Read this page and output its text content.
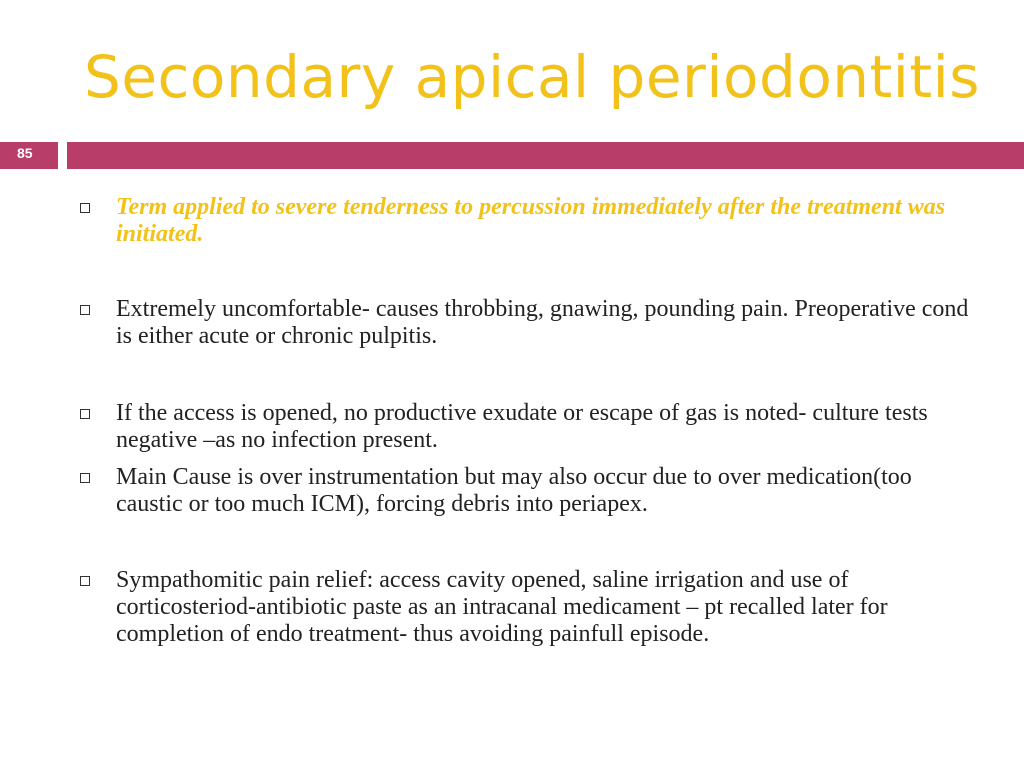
Secondary apical periodontitis
85
Term applied to severe tenderness to percussion immediately after the treatment was initiated.
Extremely uncomfortable- causes throbbing, gnawing, pounding pain. Preoperative cond is either acute or chronic pulpitis.
If the access is opened, no productive exudate or escape of gas is noted- culture tests negative –as no infection present.
Main Cause is over instrumentation but may also occur due to over medication(too caustic or too much ICM), forcing debris into periapex.
Sympathomitic pain relief: access cavity opened, saline irrigation and use of corticosteriod-antibiotic paste as an intracanal medicament – pt recalled later for completion of endo treatment- thus avoiding painfull episode.
